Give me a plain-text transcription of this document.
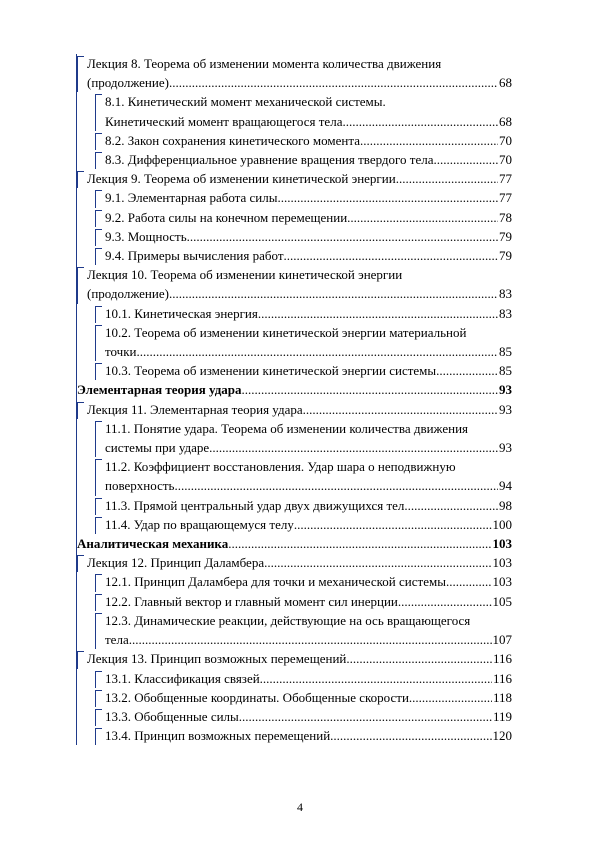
Лекция 8. Теорема об изменении момента количества движения
(продолжение) .....	68
8.1. Кинетический момент механической системы.
Кинетический момент вращающегося тела .....	68
8.2. Закон сохранения кинетического момента .....	70
8.3. Дифференциальное уравнение вращения твердого тела .....	70
Лекция 9. Теорема об изменении кинетической энергии .....	77
9.1. Элементарная работа силы .....	77
9.2. Работа силы на конечном перемещении .....	78
9.3. Мощность .....	79
9.4. Примеры вычисления работ .....	79
Лекция 10. Теорема об изменении кинетической энергии
(продолжение) .....	83
10.1. Кинетическая энергия .....	83
10.2. Теорема об изменении кинетической энергии материальной
точки .....	85
10.3. Теорема об изменении кинетической энергии системы .....	85
Элементарная теория удара .....	93
Лекция 11. Элементарная теория удара .....	93
11.1. Понятие удара. Теорема об изменении количества движения
системы при ударе .....	93
11.2. Коэффициент восстановления. Удар шара о неподвижную
поверхность .....	94
11.3. Прямой центральный удар двух движущихся тел .....	98
11.4. Удар по вращающемуся телу .....	100
Аналитическая механика .....	103
Лекция 12. Принцип Даламбера .....	103
12.1. Принцип Даламбера для точки и механической системы .....	103
12.2. Главный вектор и главный момент сил инерции .....	105
12.3. Динамические реакции, действующие на ось вращающегося
тела .....	107
Лекция 13. Принцип возможных перемещений .....	116
13.1. Классификация связей .....	116
13.2. Обобщенные координаты. Обобщенные скорости .....	118
13.3. Обобщенные силы .....	119
13.4. Принцип возможных перемещений .....	120
4
